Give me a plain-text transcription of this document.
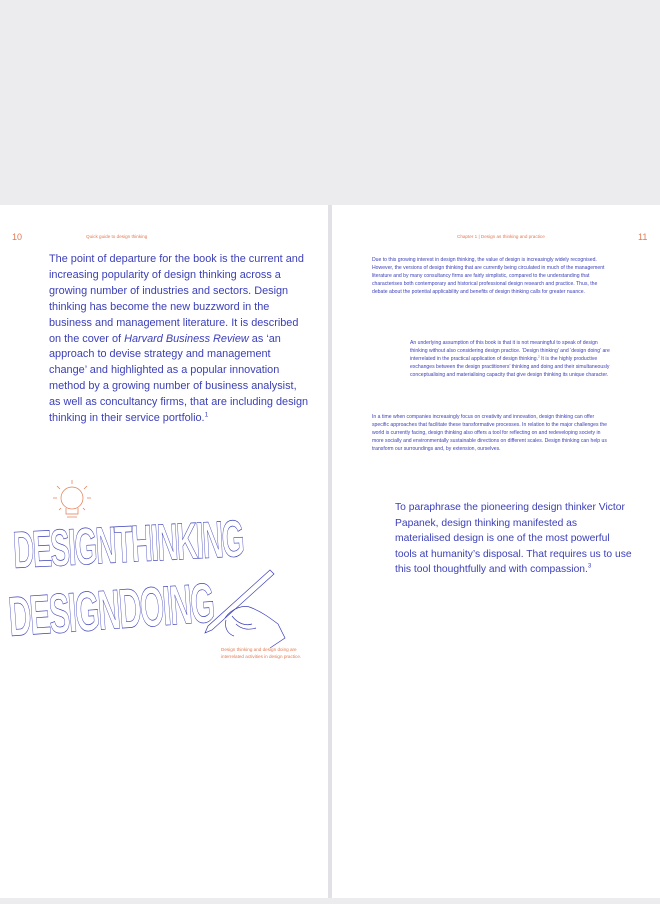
10	Quick guide to design thinking	Chapter 1 | Design as thinking and practice	11

The point of departure for the book is the current and increasing popularity of design thinking across a growing number of industries and sectors. Design thinking has become the new buzzword in the business and management literature. It is described on the cover of Harvard Business Review as ‘an approach to devise strategy and management change’ and highlighted as a popular innovation method by a growing number of business analysist, as well as concultancy firms, that are including design thinking in their service portfolio.$^1$

DESIGNTHINKING
DESIGNDOING
Design thinking and design doing are interrelated activities in design practice.

Due to this growing interest in design thinking, the value of design is increasingly widely recognised. However, the versions of design thinking that are currently being circulated in much of the management literature and by many consultancy firms are fairly simplistic, compared to the understanding that characterises both contemporary and historical professional design research and practice. Thus, the debate about the potential applicability and benefits of design thinking calls for greater nuance.

An underlying assumption of this book is that it is not meaningful to speak of design thinking without also considering design practice. ‘Design thinking’ and ‘design doing’ are interrelated in the practical application of design thinking.$^2$ It is the highly productive exchanges between the design practitioners’ thinking and doing and their simultaneously conceptualising and materialising capacity that give design thinking its unique character.

In a time when companies increasingly focus on creativity and innovation, design thinking can offer specific approaches that facilitate these transformative processes. In relation to the major challenges the world is currently facing, design thinking also offers a tool for reflecting on and redeveloping society in more socially and environmentally sustainable directions on different scales. Design thinking can help us transform our surroundings and, by extension, ourselves.

To paraphrase the pioneering design thinker Victor Papanek, design thinking manifested as materialised design is one of the most powerful tools at humanity’s disposal. That requires us to use this tool thoughtfully and with compassion.$^3$
